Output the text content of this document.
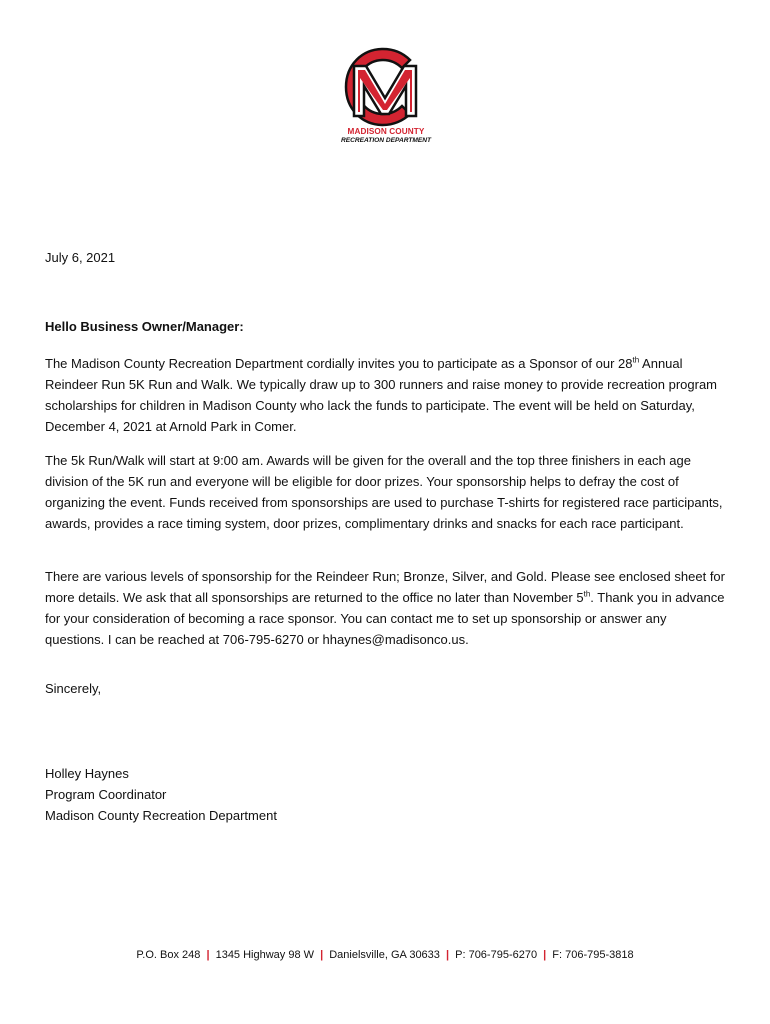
MADISON COUNTY
RECREATION DEPARTMENT
July 6, 2021
Hello Business Owner/Manager:
The Madison County Recreation Department cordially invites you to participate as a Sponsor of our 28th Annual Reindeer Run 5K Run and Walk. We typically draw up to 300 runners and raise money to provide recreation program scholarships for children in Madison County who lack the funds to participate. The event will be held on Saturday, December 4, 2021 at Arnold Park in Comer.
The 5k Run/Walk will start at 9:00 am. Awards will be given for the overall and the top three finishers in each age division of the 5K run and everyone will be eligible for door prizes. Your sponsorship helps to defray the cost of organizing the event. Funds received from sponsorships are used to purchase T-shirts for registered race participants, awards, provides a race timing system, door prizes, complimentary drinks and snacks for each race participant.
There are various levels of sponsorship for the Reindeer Run; Bronze, Silver, and Gold. Please see enclosed sheet for more details. We ask that all sponsorships are returned to the office no later than November 5th. Thank you in advance for your consideration of becoming a race sponsor. You can contact me to set up sponsorship or answer any questions. I can be reached at 706-795-6270 or hhaynes@madisonco.us.
Sincerely,
Holley Haynes
Program Coordinator
Madison County Recreation Department
P.O. Box 248 | 1345 Highway 98 W | Danielsville, GA 30633 | P: 706-795-6270 | F: 706-795-3818
